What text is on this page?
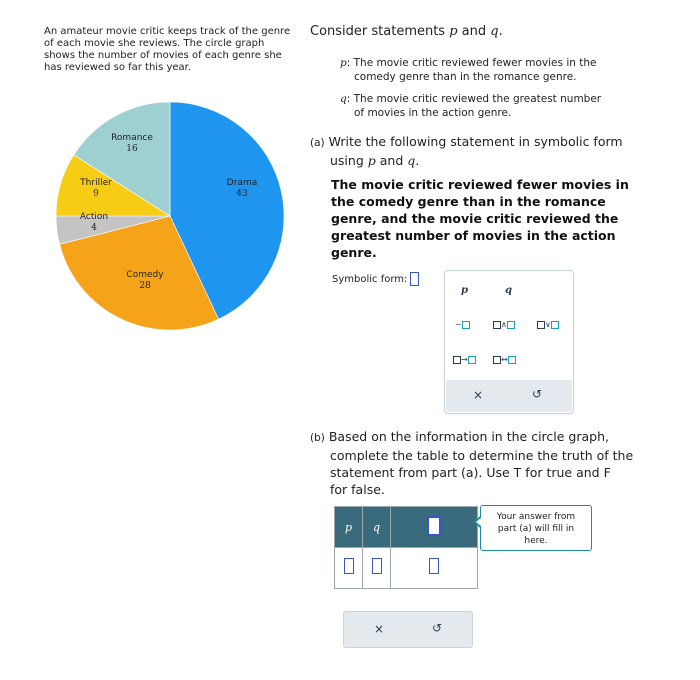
An amateur movie critic keeps track of the genre
of each movie she reviews. The circle graph
shows the number of movies of each genre she
has reviewed so far this year.
Drama
43
Comedy
28
Action
4
Thriller
9
Romance
16
Consider statements p and q.
p: The movie critic reviewed fewer movies in the
comedy genre than in the romance genre.
q: The movie critic reviewed the greatest number
of movies in the action genre.
(a) Write the following statement in symbolic form
using p and q.
The movie critic reviewed fewer movies in
the comedy genre than in the romance
genre, and the movie critic reviewed the
greatest number of movies in the action
genre.
Symbolic form:
p	q
~	∧	∨
→	↔
×	↺
(b) Based on the information in the circle graph,
complete the table to determine the truth of the
statement from part (a). Use T for true and F
for false.
p	q	

Your answer from
part (a) will fill in
here.
×	↺
